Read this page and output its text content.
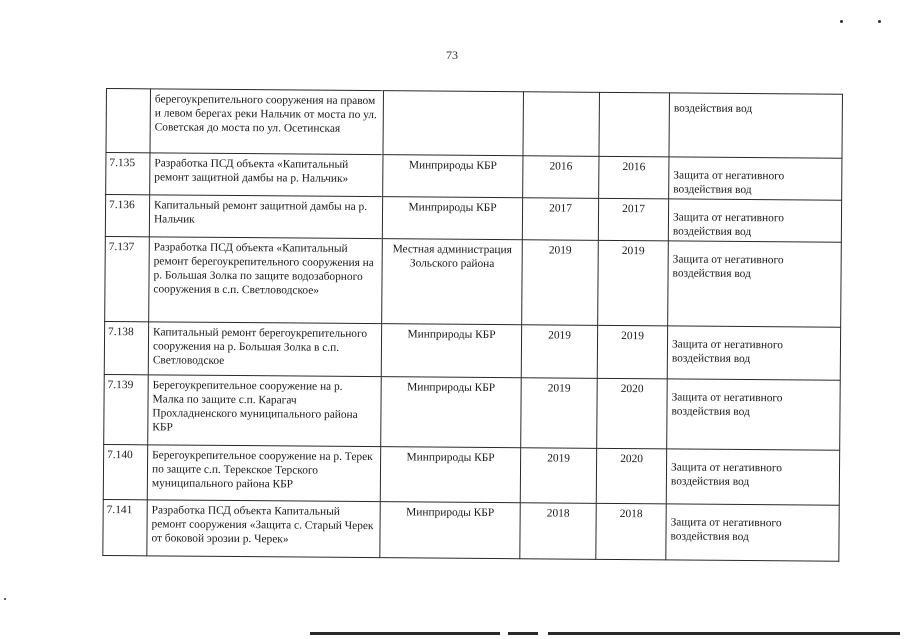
73
	берегоукрепительного сооружения на правом и левом берегах реки Нальчик от моста по ул. Советская до моста по ул. Осетинская				воздействия вод
7.135	Разработка ПСД объекта «Капитальный ремонт защитной дамбы на р. Нальчик»	Минприроды КБР	2016	2016	Защита от негативного воздействия вод
7.136	Капитальный ремонт защитной дамбы на р. Нальчик	Минприроды КБР	2017	2017	Защита от негативного воздействия вод
7.137	Разработка ПСД объекта «Капитальный ремонт берегоукрепительного сооружения на р. Большая Золка по защите водозаборного сооружения в с.п. Светловодское»	Местная администрация Зольского района	2019	2019	Защита от негативного воздействия вод
7.138	Капитальный ремонт берегоукрепительного сооружения на р. Большая Золка в с.п. Светловодское	Минприроды КБР	2019	2019	Защита от негативного воздействия вод
7.139	Берегоукрепительное сооружение на р. Малка по защите с.п. Карагач Прохладненского муниципального района КБР	Минприроды КБР	2019	2020	Защита от негативного воздействия вод
7.140	Берегоукрепительное сооружение на р. Терек по защите с.п. Терекское Терского муниципального района КБР	Минприроды КБР	2019	2020	Защита от негативного воздействия вод
7.141	Разработка ПСД объекта Капитальный ремонт сооружения «Защита с. Старый Черек от боковой эрозии р. Черек»	Минприроды КБР	2018	2018	Защита от негативного воздействия вод
